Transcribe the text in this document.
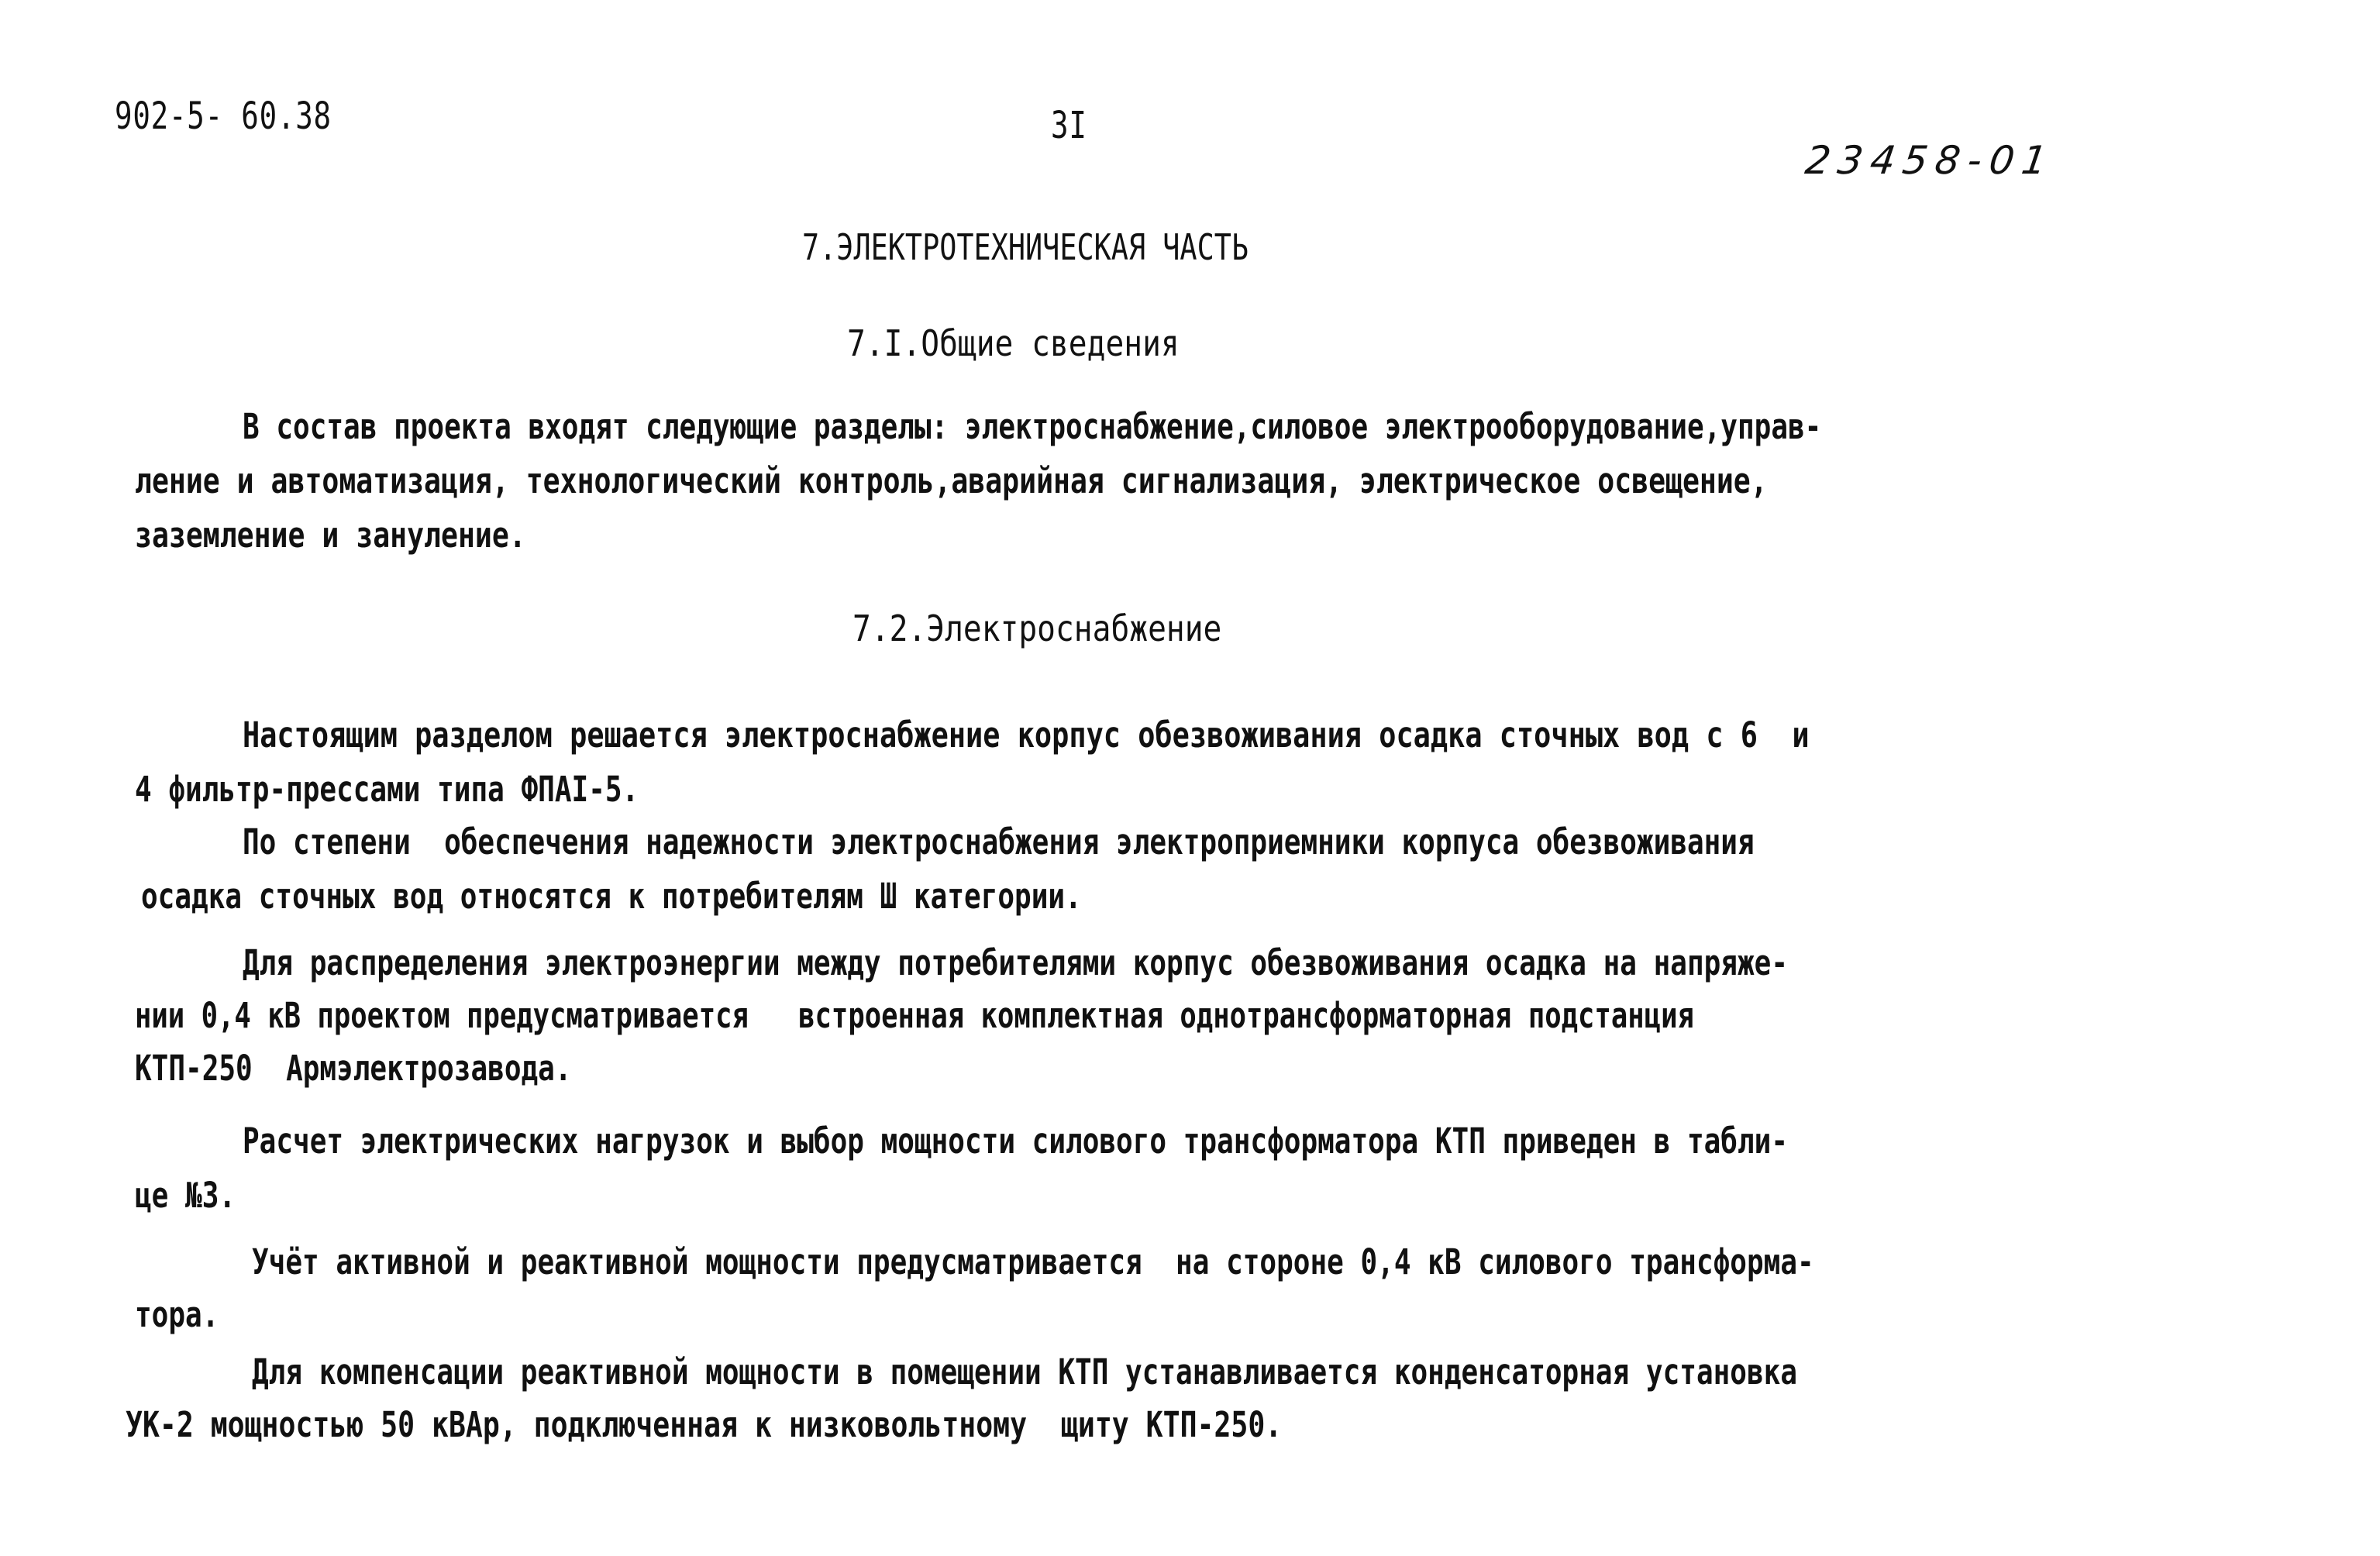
902-5- 60.38	3I
23458-01
7.ЭЛЕКТРОТЕХНИЧЕСКАЯ ЧАСТЬ
7.I.Общие сведения
В состав проекта входят следующие разделы: электроснабжение,силовое электрооборудование,управ-
ление и автоматизация, технологический контроль,аварийная сигнализация, электрическое освещение,
заземление и зануление.
7.2.Электроснабжение
Настоящим разделом решается электроснабжение корпус обезвоживания осадка сточных вод с 6  и
4 фильтр-прессами типа ФПАI-5.
По степени  обеспечения надежности электроснабжения электроприемники корпуса обезвоживания
осадка сточных вод относятся к потребителям Ш категории.
Для распределения электроэнергии между потребителями корпус обезвоживания осадка на напряже-
нии 0,4 кВ проектом предусматривается   встроенная комплектная однотрансформаторная подстанция
КТП-250  Армэлектрозавода.
Расчет электрических нагрузок и выбор мощности силового трансформатора КТП приведен в табли-
це №3.
Учёт активной и реактивной мощности предусматривается  на стороне 0,4 кВ силового трансформа-
тора.
Для компенсации реактивной мощности в помещении КТП устанавливается конденсаторная установка
УК-2 мощностью 50 кВАр, подключенная к низковольтному  щиту КТП-250.
